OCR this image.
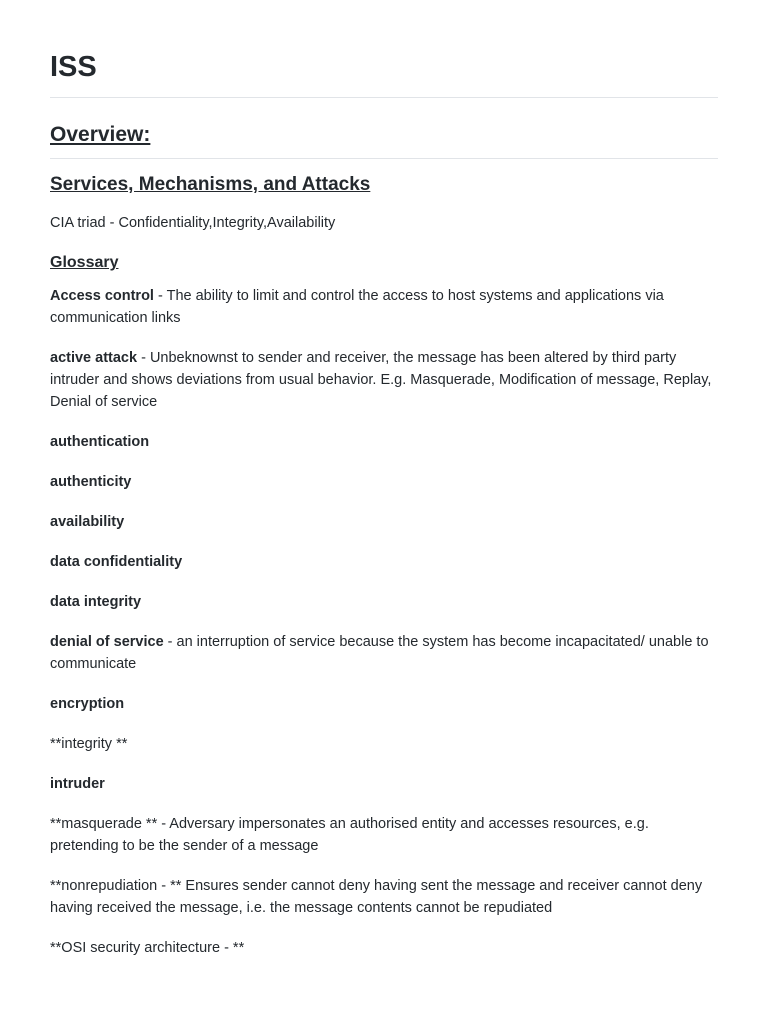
ISS
Overview:
Services, Mechanisms, and Attacks

CIA triad - Confidentiality,Integrity,Availability

Glossary

Access control - The ability to limit and control the access to host systems and applications via communication links

active attack - Unbeknownst to sender and receiver, the message has been altered by third party intruder and shows deviations from usual behavior. E.g. Masquerade, Modification of message, Replay, Denial of service

authentication

authenticity

availability

data confidentiality

data integrity

denial of service - an interruption of service because the system has become incapacitated/ unable to communicate

encryption

**integrity **

intruder

**masquerade ** - Adversary impersonates an authorised entity and accesses resources, e.g. pretending to be the sender of a message

**nonrepudiation - ** Ensures sender cannot deny having sent the message and receiver cannot deny having received the message, i.e. the message contents cannot be repudiated

**OSI security architecture - **
